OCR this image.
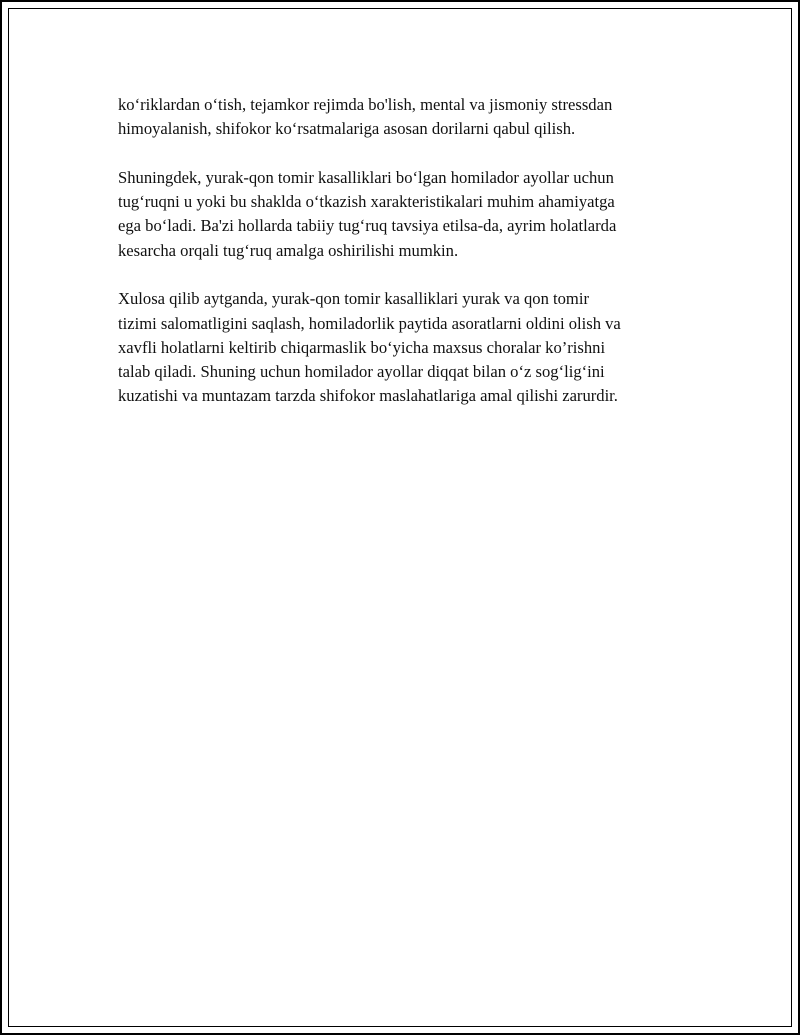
ko‘riklardan o‘tish, tejamkor rejimda bo'lish, mental va jismoniy stressdan
himoyalanish, shifokor ko‘rsatmalariga asosan dorilarni qabul qilish.

Shuningdek, yurak-qon tomir kasalliklari bo‘lgan homilador ayollar uchun
tug‘ruqni u yoki bu shaklda o‘tkazish xarakteristikalari muhim ahamiyatga
ega bo‘ladi. Ba'zi hollarda tabiiy tug‘ruq tavsiya etilsa-da, ayrim holatlarda
kesarcha orqali tug‘ruq amalga oshirilishi mumkin.

Xulosa qilib aytganda, yurak-qon tomir kasalliklari yurak va qon tomir
tizimi salomatligini saqlash, homiladorlik paytida asoratlarni oldini olish va
xavfli holatlarni keltirib chiqarmaslik bo‘yicha maxsus choralar ko’rishni
talab qiladi. Shuning uchun homilador ayollar diqqat bilan o‘z sog‘lig‘ini
kuzatishi va muntazam tarzda shifokor maslahatlariga amal qilishi zarurdir.
